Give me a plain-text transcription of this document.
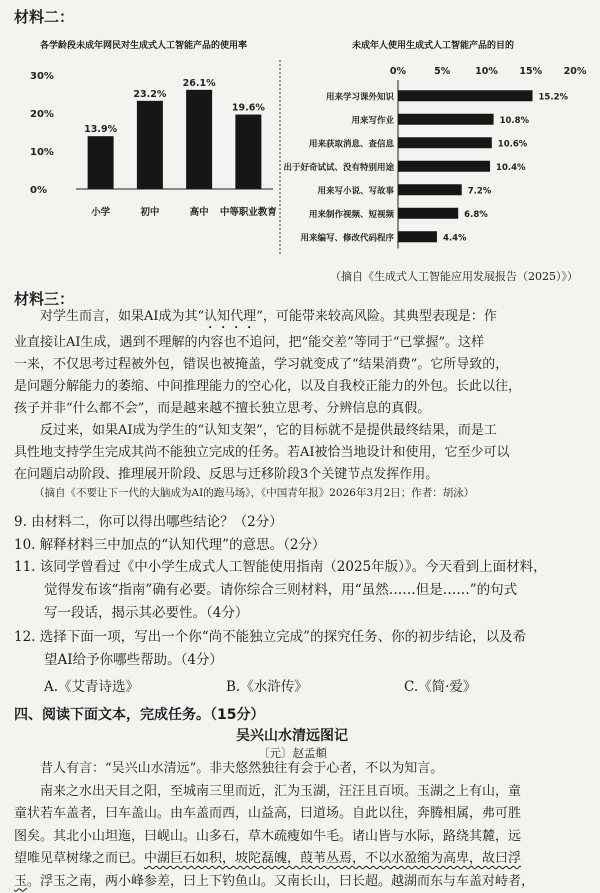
材料二：
各学龄段未成年网民对生成式人工智能产品的使用率
0%
10%
20%
30%
13.9%
小学
23.2%
初中
26.1%
高中
19.6%
中等职业教育
未成年人使用生成式人工智能产品的目的
0%	5%	10% 15% 20%
用来学习课外知识	15.2%
用来写作业	10.8%
用来获取消息、查信息	10.6%
出于好奇试试、没有特别用途	10.4%
用来写小说、写故事	7.2%
用来制作视频、短视频	6.8%
用来编写、修改代码程序	4.4%
（摘自《生成式人工智能应用发展报告（2025）》）
材料三：
对学生而言，如果AI成为其“认知代理”，可能带来较高风险。其典型表现是：作
业直接让AI生成，遇到不理解的内容也不追问，把“能交差”等同于“已掌握”。这样
一来，不仅思考过程被外包，错误也被掩盖，学习就变成了“结果消费”。它所导致的，
是问题分解能力的萎缩、中间推理能力的空心化，以及自我校正能力的外包。长此以往，
孩子并非“什么都不会”，而是越来越不擅长独立思考、分辨信息的真假。
反过来，如果AI成为学生的“认知支架”，它的目标就不是提供最终结果，而是工
具性地支持学生完成其尚不能独立完成的任务。若AI被恰当地设计和使用，它至少可以
在问题启动阶段、推理展开阶段、反思与迁移阶段3个关键节点发挥作用。
（摘自《不要让下一代的大脑成为AI的跑马场》，《中国青年报》2026年3月2日；作者：胡泳）
9. 由材料二，你可以得出哪些结论？（2分）
10. 解释材料三中加点的“认知代理”的意思。（2分）
11. 该同学曾看过《中小学生成式人工智能使用指南（2025年版）》。今天看到上面材料，
觉得发布该“指南”确有必要。请你综合三则材料，用“虽然……但是……”的句式
写一段话，揭示其必要性。（4分）
12. 选择下面一项，写出一个你“尚不能独立完成”的探究任务、你的初步结论，以及希
望AI给予你哪些帮助。（4分）
A.《艾青诗选》	B.《水浒传》	C.《简·爱》
四、阅读下面文本，完成任务。（15分）
吴兴山水清远图记
〔元〕赵孟頫
昔人有言：“吴兴山水清远”。非夫悠然独往有会于心者，不以为知言。
南来之水出天目之阳，至城南三里而近，汇为玉湖，汪汪且百顷。玉湖之上有山，童
童状若车盖者，曰车盖山。由车盖而西，山益高，曰道场。自此以往，奔腾相属，弗可胜
图矣。其北小山坦迤，曰岘山。山多石，草木疏瘦如牛毛。诸山皆与水际，路绕其麓，远
望唯见草树缘之而已。中湖巨石如积，坡陀磊魄，葭苇丛焉，不以水盈缩为高卑，故曰浮
玉。浮玉之南，两小峰参差，曰上下钓鱼山。又南长山，曰长超。越湖而东与车盖对峙者，
